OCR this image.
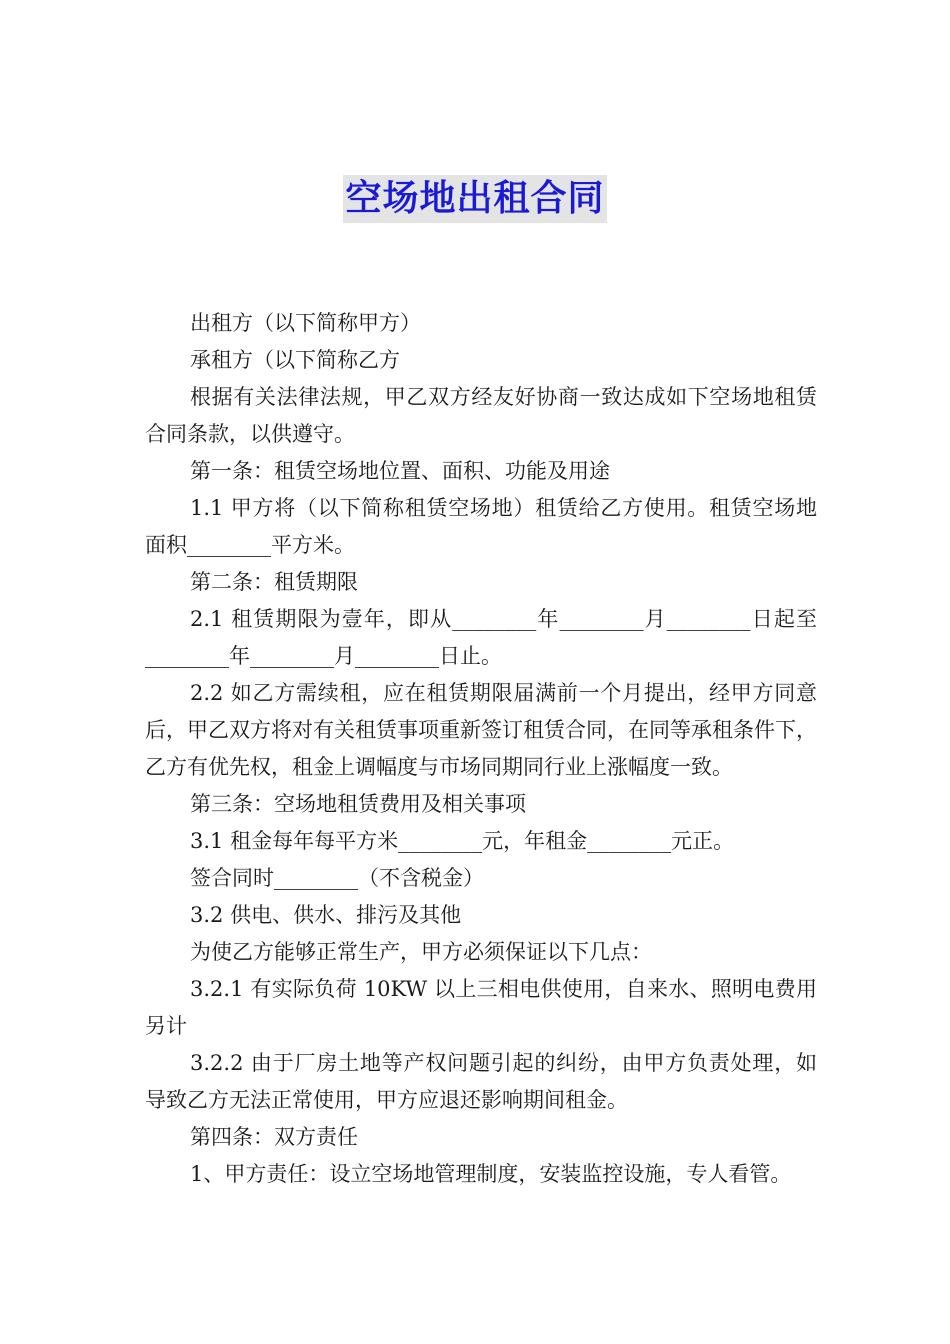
空场地出租合同

出租方（以下简称甲方）

承租方（以下简称乙方

根据有关法律法规，甲乙双方经友好协商一致达成如下空场地租赁合同条款，以供遵守。

第一条：租赁空场地位置、面积、功能及用途

1.1 甲方将（以下简称租赁空场地）租赁给乙方使用。租赁空场地面积________平方米。

第二条：租赁期限

2.1 租赁期限为壹年，即从________年________月________日起至________年________月________日止。

2.2 如乙方需续租，应在租赁期限届满前一个月提出，经甲方同意后，甲乙双方将对有关租赁事项重新签订租赁合同，在同等承租条件下，乙方有优先权，租金上调幅度与市场同期同行业上涨幅度一致。

第三条：空场地租赁费用及相关事项

3.1 租金每年每平方米________元，年租金________元正。

签合同时________（不含税金）

3.2 供电、供水、排污及其他

为使乙方能够正常生产，甲方必须保证以下几点：

3.2.1 有实际负荷 10KW 以上三相电供使用，自来水、照明电费用另计

3.2.2 由于厂房土地等产权问题引起的纠纷，由甲方负责处理，如导致乙方无法正常使用，甲方应退还影响期间租金。

第四条：双方责任

1、甲方责任：设立空场地管理制度，安装监控设施，专人看管。
